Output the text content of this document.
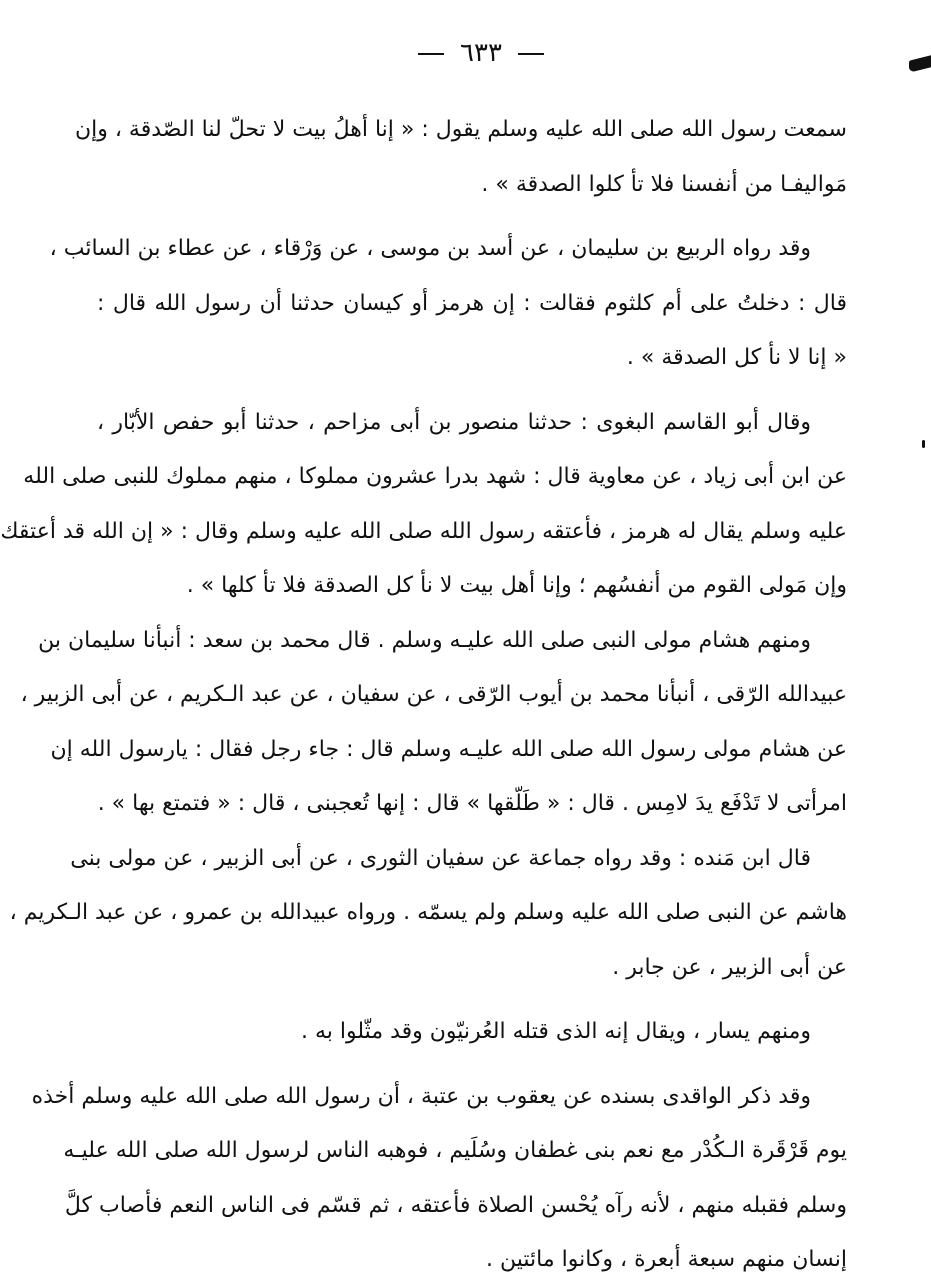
٦٣٣
سمعت رسول الله صلى الله عليه وسلم يقول : « إنا أهلُ بيت لا تحلّ لنا الصّدقة ، وإن
مَواليفـا من أنفسنا فلا تأ كلوا الصدقة » .
وقد رواه الربيع بن سليمان ، عن أسد بن موسى ، عن وَرْقاء ، عن عطاء بن السائب ،
قال : دخلتُ على أم كلثوم فقالت : إن هرمز أو كيسان حدثنا أن رسول الله قال :
« إنا لا نأ كل الصدقة » .
وقال أبو القاسم البغوى : حدثنا منصور بن أبى مزاحم ، حدثنا أبو حفص الأبّار ،
عن ابن أبى زياد ، عن معاوية قال : شهد بدرا عشرون مملوكا ، منهم مملوك للنبى صلى الله
عليه وسلم يقال له هرمز ، فأعتقه رسول الله صلى الله عليه وسلم وقال : « إن الله قد أعتقك
وإن مَولى القوم من أنفسُهم ؛ وإنا أهل بيت لا نأ كل الصدقة فلا تأ كلها » .
ومنهم هشام مولى النبى صلى الله عليـه وسلم . قال محمد بن سعد : أنبأنا سليمان بن
عبيدالله الرّقى ، أنبأنا محمد بن أيوب الرّقى ، عن سفيان ، عن عبد الـكريم ، عن أبى الزبير ،
عن هشام مولى رسول الله صلى الله عليـه وسلم قال : جاء رجل فقال : يارسول الله إن
امرأتى لا تَدْفَع يدَ لامِس . قال : « طَلّقها » قال : إنها تُعجبنى ، قال : « فتمتع بها » .
قال ابن مَنده : وقد رواه جماعة عن سفيان الثورى ، عن أبى الزبير ، عن مولى بنى
هاشم عن النبى صلى الله عليه وسلم ولم يسمّه . ورواه عبيدالله بن عمرو ، عن عبد الـكريم ،
عن أبى الزبير ، عن جابر .
ومنهم يسار ، ويقال إنه الذى قتله العُرنيّون وقد مثّلوا به .
وقد ذكر الواقدى بسنده عن يعقوب بن عتبة ، أن رسول الله صلى الله عليه وسلم أخذه
يوم قَرْقَرة الـكُدْر مع نعم بنى غطفان وسُلَيم ، فوهبه الناس لرسول الله صلى الله عليـه
وسلم فقبله منهم ، لأنه رآه يُحْسن الصلاة فأعتقه ، ثم قسّم فى الناس النعم فأصاب كلَّ
إنسان منهم سبعة أبعرة ، وكانوا مائتين .
